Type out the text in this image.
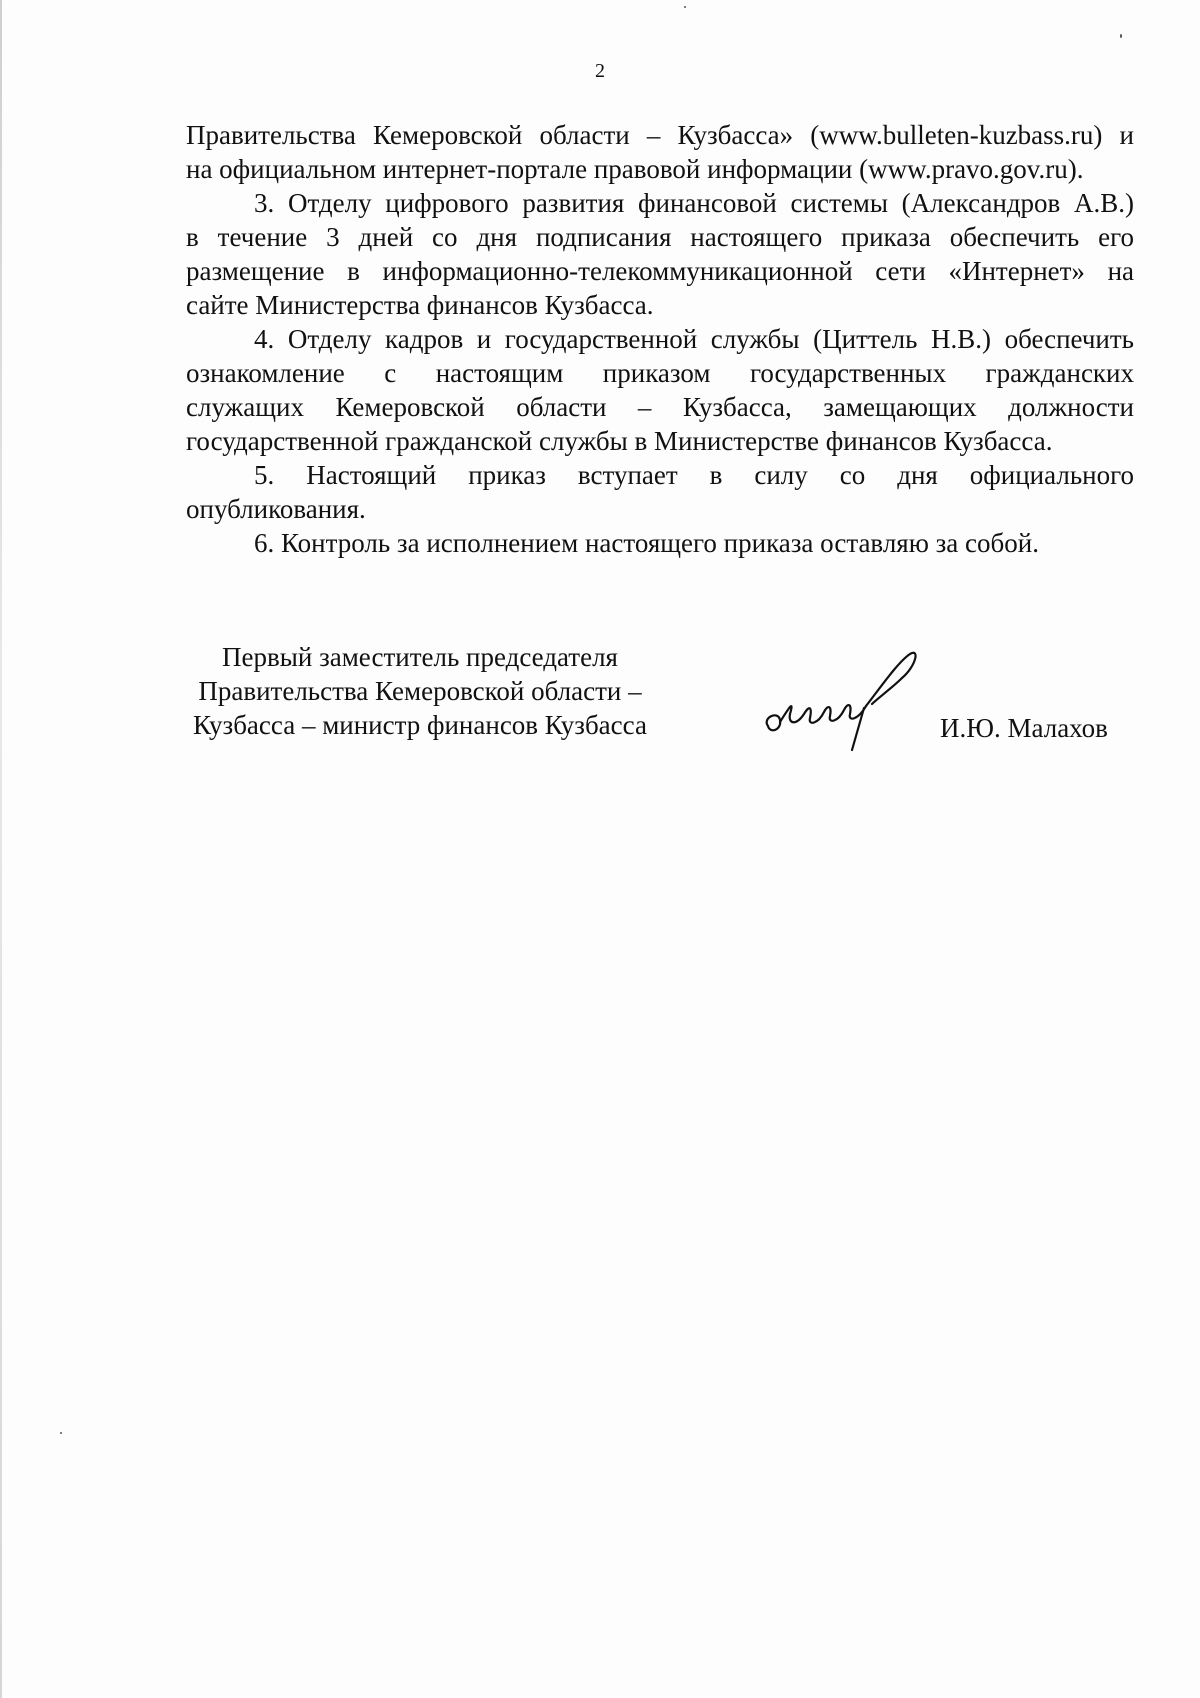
2
Правительства Кемеровской области – Кузбасса» (www.bulleten-kuzbass.ru) и
на официальном интернет-портале правовой информации (www.pravo.gov.ru).
3. Отделу цифрового развития финансовой системы (Александров А.В.)
в течение 3 дней со дня подписания настоящего приказа обеспечить его
размещение в информационно-телекоммуникационной сети «Интернет» на
сайте Министерства финансов Кузбасса.
4. Отделу кадров и государственной службы (Циттель Н.В.) обеспечить
ознакомление с настоящим приказом государственных гражданских
служащих Кемеровской области – Кузбасса, замещающих должности
государственной гражданской службы в Министерстве финансов Кузбасса.
5. Настоящий приказ вступает в силу со дня официального
опубликования.
6. Контроль за исполнением настоящего приказа оставляю за собой.
Первый заместитель председателя
Правительства Кемеровской области –
Кузбасса – министр финансов Кузбасса	И.Ю. Малахов
